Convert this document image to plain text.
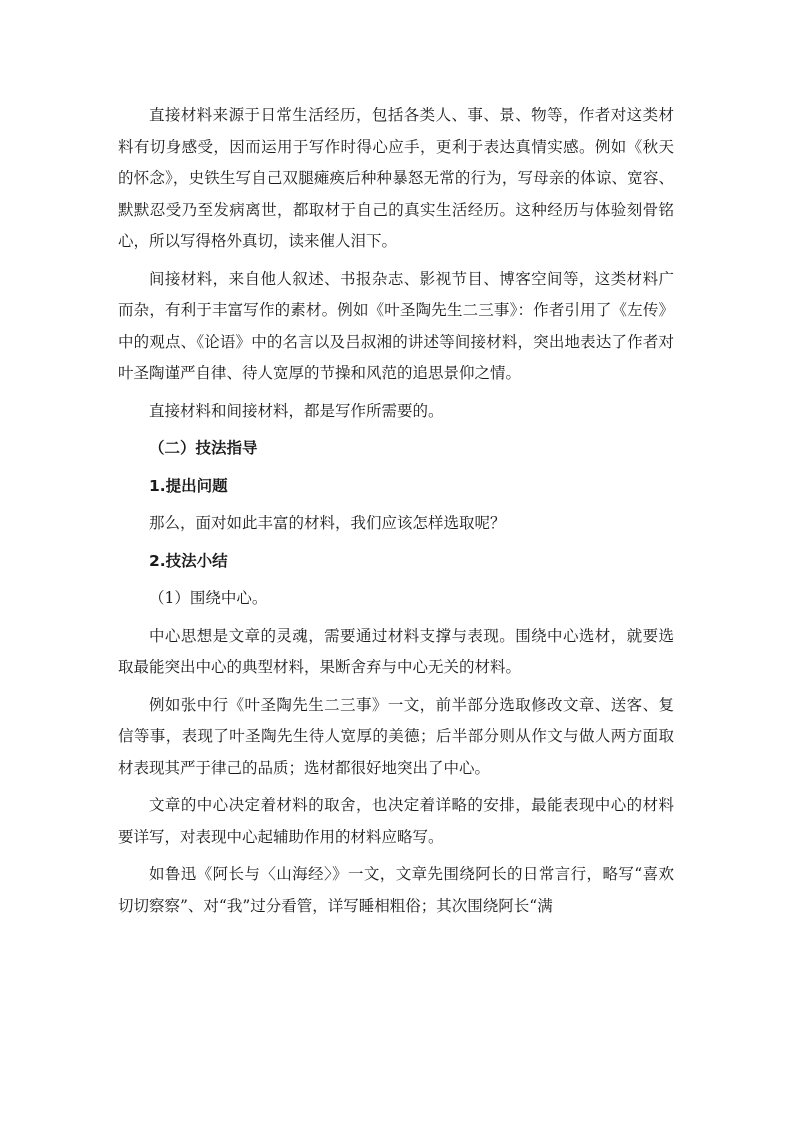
直接材料来源于日常生活经历，包括各类人、事、景、物等，作者对这类材料有切身感受，因而运用于写作时得心应手，更利于表达真情实感。例如《秋天的怀念》，史铁生写自己双腿瘫痪后种种暴怒无常的行为，写母亲的体谅、宽容、默默忍受乃至发病离世，都取材于自己的真实生活经历。这种经历与体验刻骨铭心，所以写得格外真切，读来催人泪下。

间接材料，来自他人叙述、书报杂志、影视节目、博客空间等，这类材料广而杂，有利于丰富写作的素材。例如《叶圣陶先生二三事》：作者引用了《左传》中的观点、《论语》中的名言以及吕叔湘的讲述等间接材料，突出地表达了作者对叶圣陶谨严自律、待人宽厚的节操和风范的追思景仰之情。

直接材料和间接材料，都是写作所需要的。

（二）技法指导

1.提出问题

那么，面对如此丰富的材料，我们应该怎样选取呢？

2.技法小结

（1）围绕中心。

中心思想是文章的灵魂，需要通过材料支撑与表现。围绕中心选材，就要选取最能突出中心的典型材料，果断舍弃与中心无关的材料。

例如张中行《叶圣陶先生二三事》一文，前半部分选取修改文章、送客、复信等事，表现了叶圣陶先生待人宽厚的美德；后半部分则从作文与做人两方面取材表现其严于律己的品质；选材都很好地突出了中心。

文章的中心决定着材料的取舍，也决定着详略的安排，最能表现中心的材料要详写，对表现中心起辅助作用的材料应略写。

如鲁迅《阿长与〈山海经〉》一文，文章先围绕阿长的日常言行，略写“喜欢切切察察”、对“我”过分看管，详写睡相粗俗；其次围绕阿长“满
